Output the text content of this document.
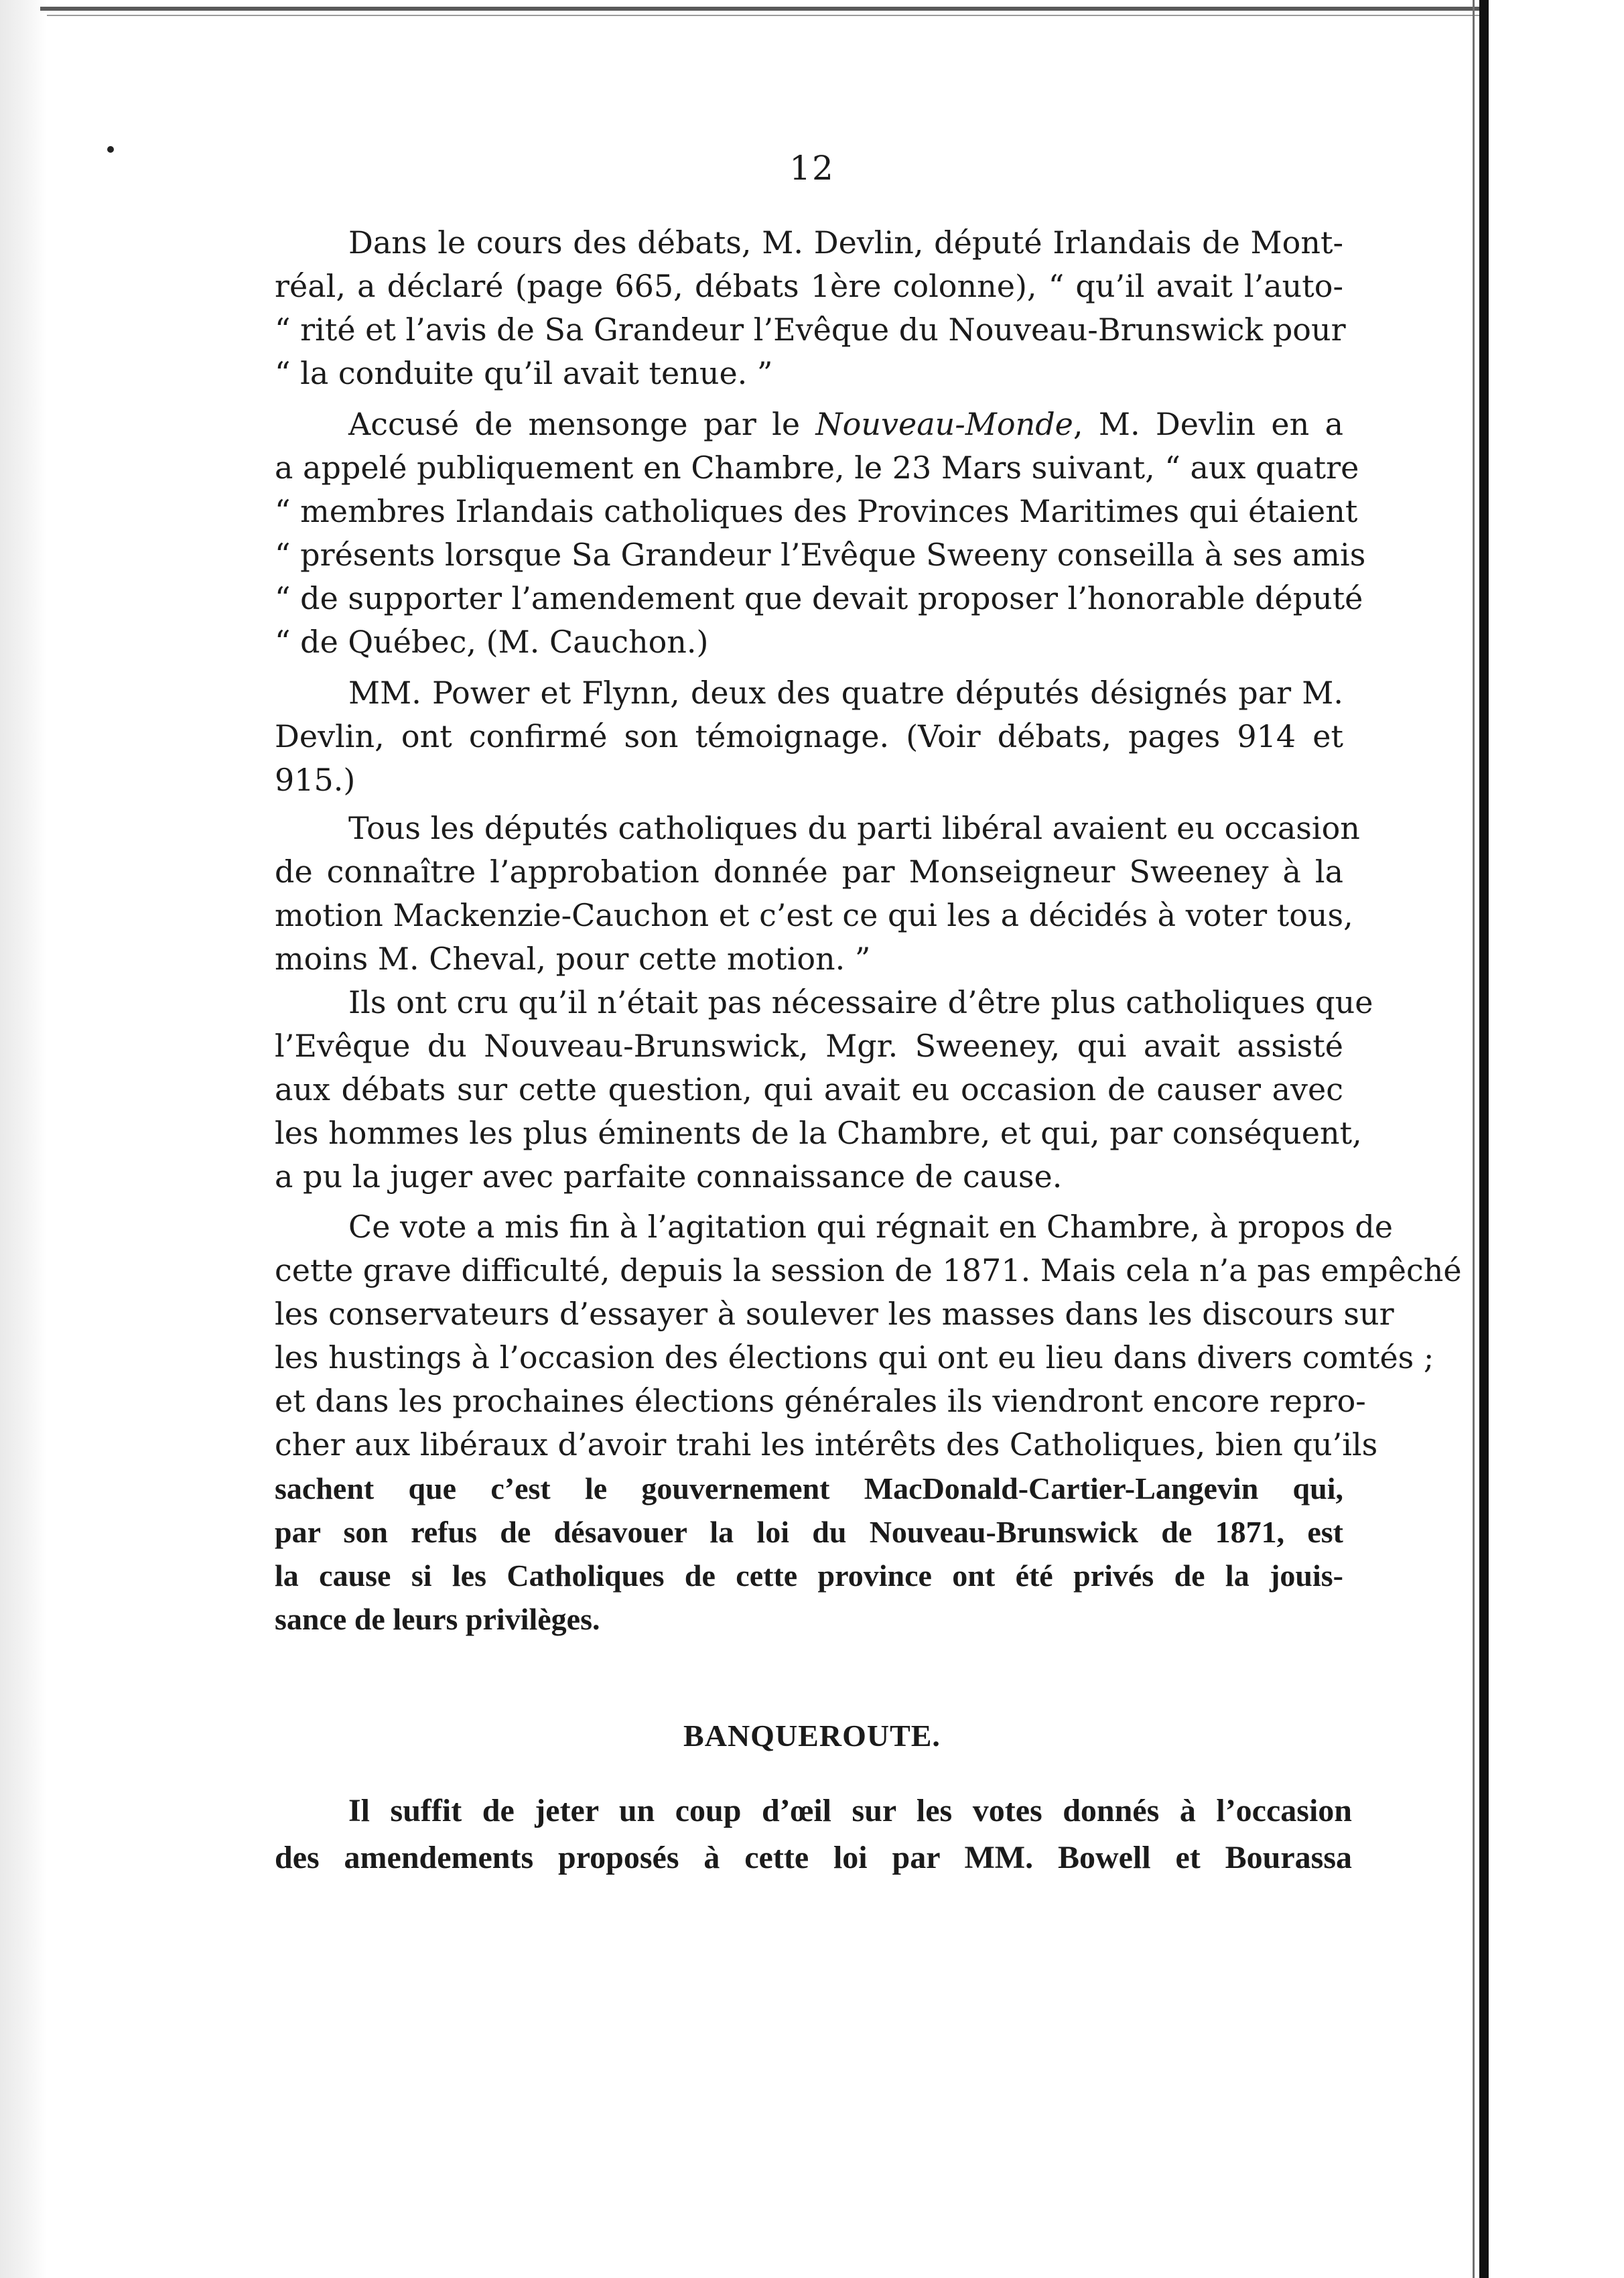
12
Dans le cours des débats, M. Devlin, député Irlandais de Mont-
réal, a déclaré (page 665, débats 1ère colonne), “ qu’il avait l’auto-
“ rité et l’avis de Sa Grandeur l’Evêque du Nouveau-Brunswick pour
“ la conduite qu’il avait tenue. ”
Accusé de mensonge par le Nouveau-Monde, M. Devlin en a
a appelé publiquement en Chambre, le 23 Mars suivant, “ aux quatre
“ membres Irlandais catholiques des Provinces Maritimes qui étaient
“ présents lorsque Sa Grandeur l’Evêque Sweeny conseilla à ses amis
“ de supporter l’amendement que devait proposer l’honorable député
“ de Québec, (M. Cauchon.)
MM. Power et Flynn, deux des quatre députés désignés par M.
Devlin, ont confirmé son témoignage. (Voir débats, pages 914 et
915.)
Tous les députés catholiques du parti libéral avaient eu occasion
de connaître l’approbation donnée par Monseigneur Sweeney à la
motion Mackenzie-Cauchon et c’est ce qui les a décidés à voter tous,
moins M. Cheval, pour cette motion. ”
Ils ont cru qu’il n’était pas nécessaire d’être plus catholiques que
l’Evêque du Nouveau-Brunswick, Mgr. Sweeney, qui avait assisté
aux débats sur cette question, qui avait eu occasion de causer avec
les hommes les plus éminents de la Chambre, et qui, par conséquent,
a pu la juger avec parfaite connaissance de cause.
Ce vote a mis fin à l’agitation qui régnait en Chambre, à propos de
cette grave difficulté, depuis la session de 1871. Mais cela n’a pas empêché
les conservateurs d’essayer à soulever les masses dans les discours sur
les hustings à l’occasion des élections qui ont eu lieu dans divers comtés ;
et dans les prochaines élections générales ils viendront encore repro-
cher aux libéraux d’avoir trahi les intérêts des Catholiques, bien qu’ils
sachent que c’est le gouvernement MacDonald-Cartier-Langevin qui,
par son refus de désavouer la loi du Nouveau-Brunswick de 1871, est
la cause si les Catholiques de cette province ont été privés de la jouis-
sance de leurs privilèges.
BANQUEROUTE.
Il suffit de jeter un coup d’œil sur les votes donnés à l’occasion
des amendements proposés à cette loi par MM. Bowell et Bourassa
